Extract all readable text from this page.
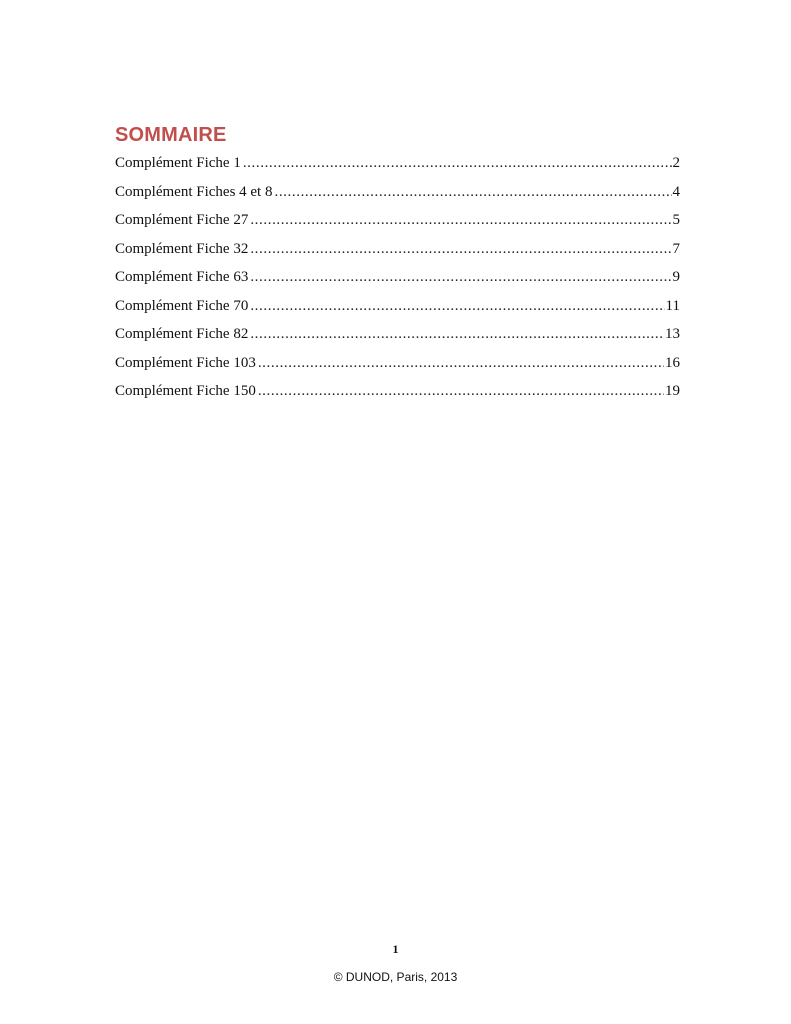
SOMMAIRE
Complément Fiche 1 .....	2
Complément Fiches 4 et 8 .....	4
Complément Fiche 27 .....	5
Complément Fiche 32 .....	7
Complément Fiche 63 .....	9
Complément Fiche 70 .....	11
Complément Fiche 82 .....	13
Complément Fiche 103 .....	16
Complément Fiche 150 .....	19
1
© DUNOD, Paris, 2013
